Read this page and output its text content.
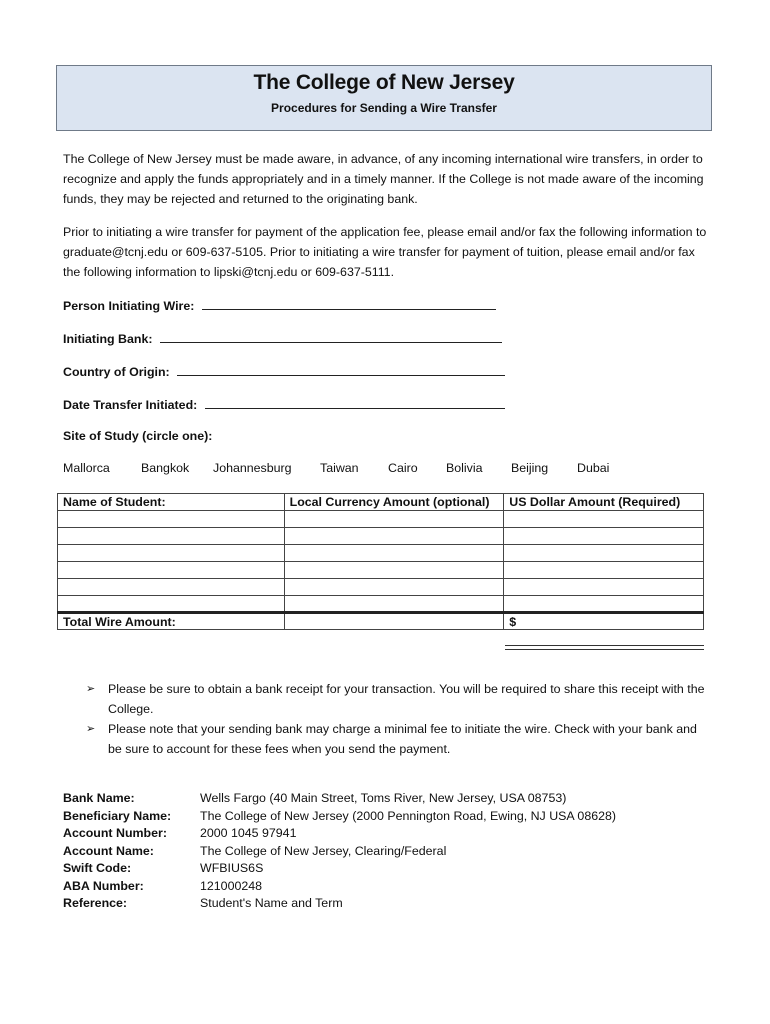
The College of New Jersey
Procedures for Sending a Wire Transfer
The College of New Jersey must be made aware, in advance, of any incoming international wire transfers, in order to recognize and apply the funds appropriately and in a timely manner. If the College is not made aware of the incoming funds, they may be rejected and returned to the originating bank.
Prior to initiating a wire transfer for payment of the application fee, please email and/or fax the following information to graduate@tcnj.edu or 609-637-5105. Prior to initiating a wire transfer for payment of tuition, please email and/or fax the following information to lipski@tcnj.edu or 609-637-5111.
Person Initiating Wire:
Initiating Bank:
Country of Origin:
Date Transfer Initiated:
Site of Study (circle one):
Mallorca	Bangkok Johannesburg Taiwan Cairo Bolivia Beijing Dubai
Name of Student:	Local Currency Amount (optional)	US Dollar Amount (Required)

Total Wire Amount:		$
➢ Please be sure to obtain a bank receipt for your transaction. You will be required to share this receipt with the College.
➢ Please note that your sending bank may charge a minimal fee to initiate the wire. Check with your bank and be sure to account for these fees when you send the payment.
Bank Name:	Wells Fargo (40 Main Street, Toms River, New Jersey, USA 08753)
Beneficiary Name: The College of New Jersey (2000 Pennington Road, Ewing, NJ USA 08628)
Account Number:	2000 1045 97941
Account Name:	The College of New Jersey, Clearing/Federal
Swift Code:	WFBIUS6S
ABA Number:	121000248
Reference:	Student's Name and Term
